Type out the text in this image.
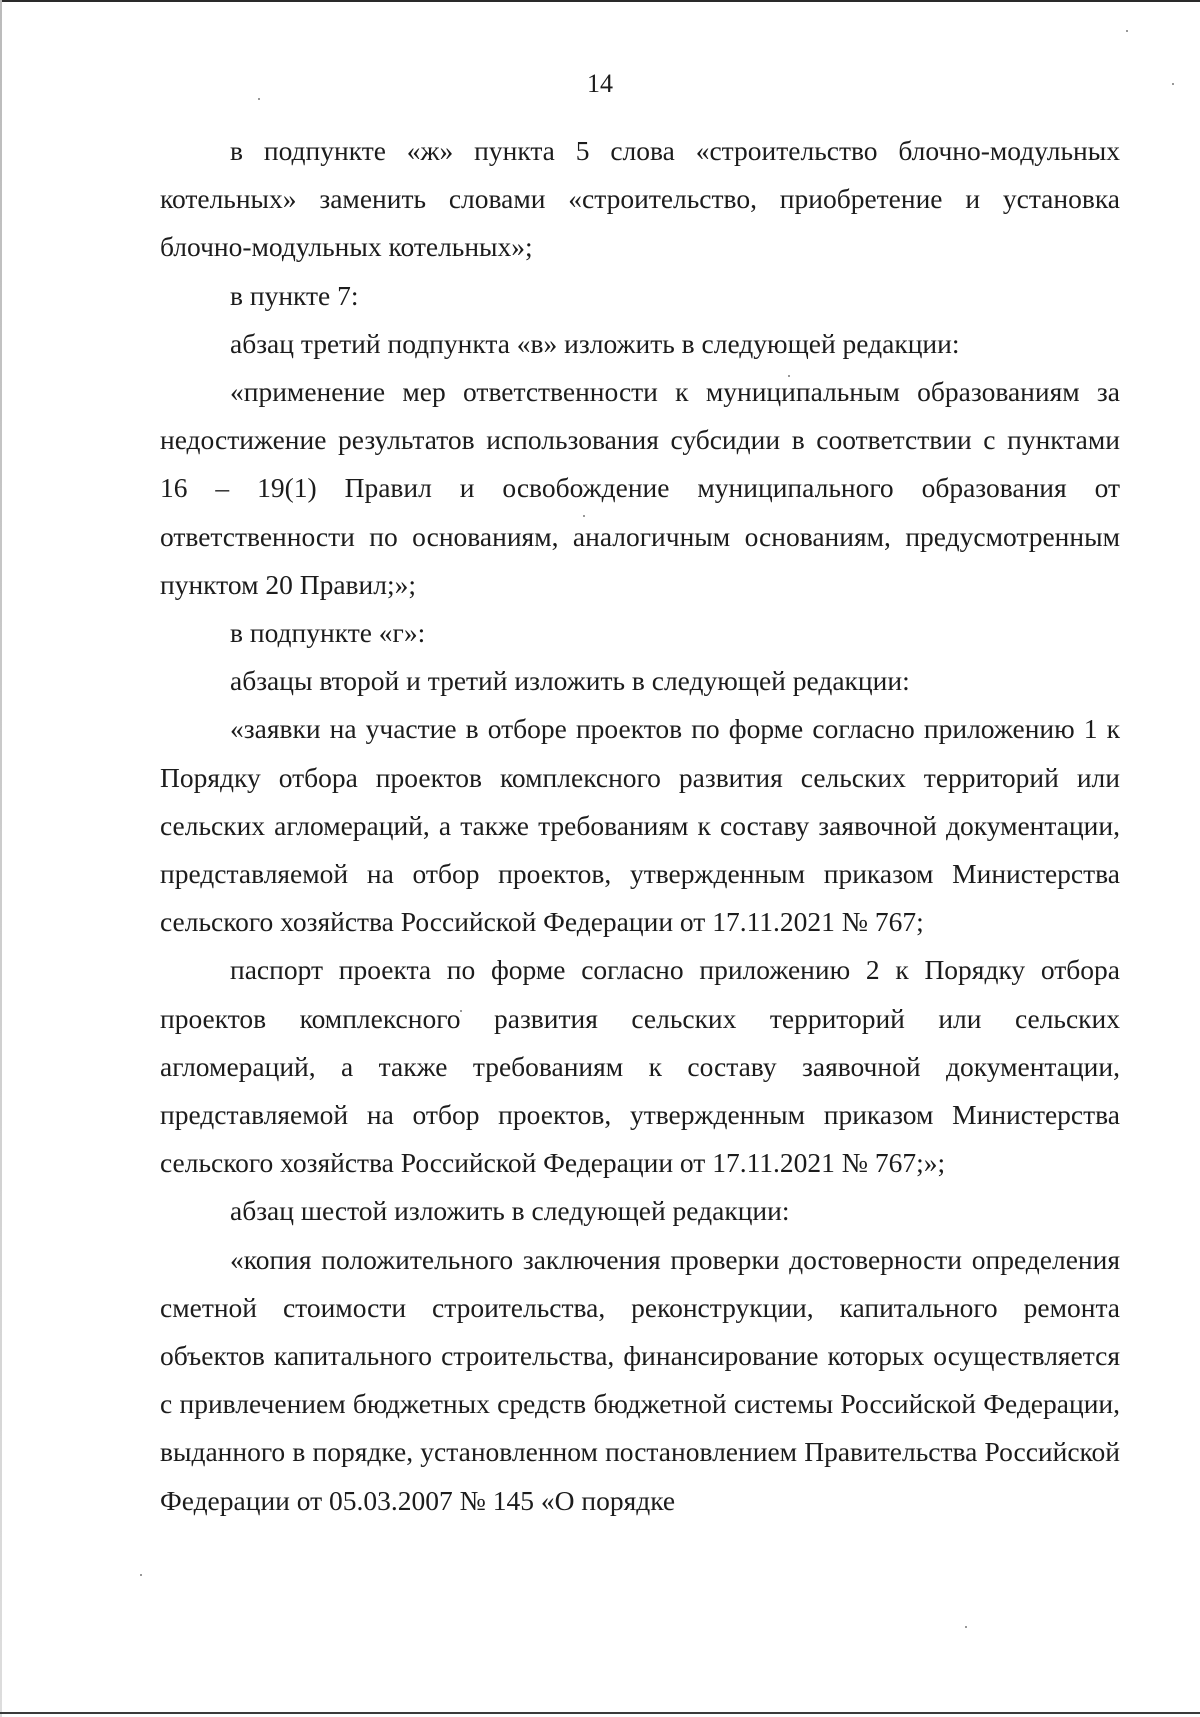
14

в подпункте «ж» пункта 5 слова «строительство блочно-модульных котельных» заменить словами «строительство, приобретение и установка блочно-модульных котельных»;

в пункте 7:

абзац третий подпункта «в» изложить в следующей редакции:

«применение мер ответственности к муниципальным образованиям за недостижение результатов использования субсидии в соответствии с пунктами 16 – 19(1) Правил и освобождение муниципального образования от ответственности по основаниям, аналогичным основаниям, предусмотренным пунктом 20 Правил;»;

в подпункте «г»:

абзацы второй и третий изложить в следующей редакции:

«заявки на участие в отборе проектов по форме согласно приложению 1 к Порядку отбора проектов комплексного развития сельских территорий или сельских агломераций, а также требованиям к составу заявочной документации, представляемой на отбор проектов, утвержденным приказом Министерства сельского хозяйства Российской Федерации от 17.11.2021 № 767;

паспорт проекта по форме согласно приложению 2 к Порядку отбора проектов комплексного развития сельских территорий или сельских агломераций, а также требованиям к составу заявочной документации, представляемой на отбор проектов, утвержденным приказом Министерства сельского хозяйства Российской Федерации от 17.11.2021 № 767;»;

абзац шестой изложить в следующей редакции:

«копия положительного заключения проверки достоверности определения сметной стоимости строительства, реконструкции, капитального ремонта объектов капитального строительства, финансирование которых осуществляется с привлечением бюджетных средств бюджетной системы Российской Федерации, выданного в порядке, установленном постановлением Правительства Российской Федерации от 05.03.2007 № 145 «О порядке
